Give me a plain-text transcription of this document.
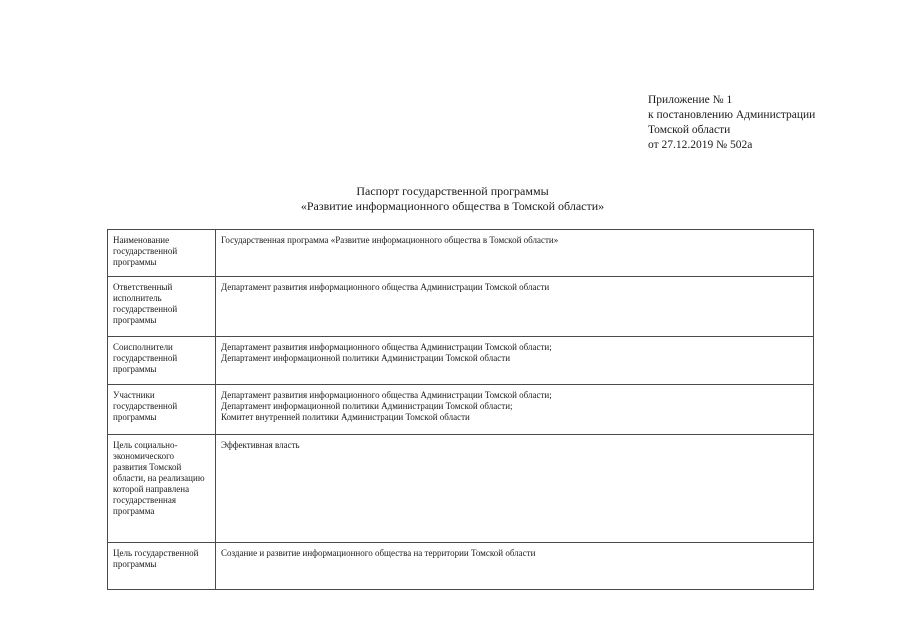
Приложение № 1
к постановлению Администрации
Томской области
от 27.12.2019 № 502а
Паспорт государственной программы
«Развитие информационного общества в Томской области»
Наименование государственной программы	Государственная программа «Развитие информационного общества в Томской области»

Ответственный исполнитель государственной программы	Департамент развития информационного общества Администрации Томской области

Соисполнители государственной программы	Департамент развития информационного общества Администрации Томской области;
Департамент информационной политики Администрации Томской области

Участники государственной программы	Департамент развития информационного общества Администрации Томской области;
Департамент информационной политики Администрации Томской области;
Комитет внутренней политики Администрации Томской области

Цель социально-экономического развития Томской области, на реализацию которой направлена государственная программа	Эффективная власть

Цель государственной программы	Создание и развитие информационного общества на территории Томской области
